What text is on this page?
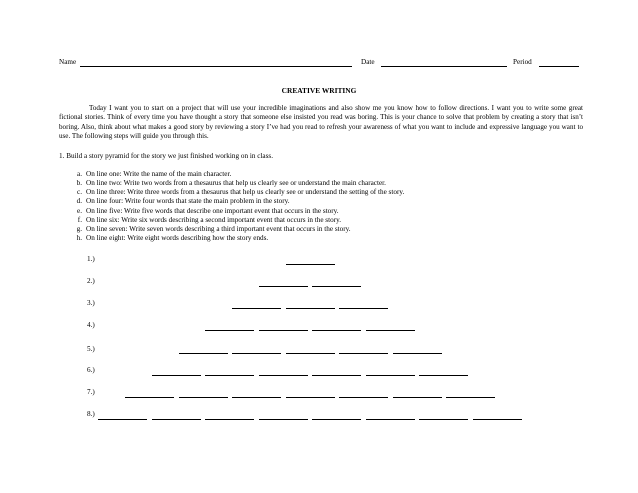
Name	Date	Period
CREATIVE WRITING
Today I want you to start on a project that will use your incredible imaginations and also show me you know how to follow directions. I want you to write some great fictional stories. Think of every time you have thought a story that someone else insisted you read was boring. This is your chance to solve that problem by creating a story that isn’t boring. Also, think about what makes a good story by reviewing a story I’ve had you read to refresh your awareness of what you want to include and expressive language you want to use. The following steps will guide you through this.
1. Build a story pyramid for the story we just finished working on in class.
a. On line one: Write the name of the main character.
b. On line two: Write two words from a thesaurus that help us clearly see or understand the main character.
c. On line three: Write three words from a thesaurus that help us clearly see or understand the setting of the story.
d. On line four: Write four words that state the main problem in the story.
e. On line five: Write five words that describe one important event that occurs in the story.
f. On line six: Write six words describing a second important event that occurs in the story.
g. On line seven: Write seven words describing a third important event that occurs in the story.
h. On line eight: Write eight words describing how the story ends.
1.)
2.)
3.)
4.)
5.)
6.)
7.)
8.)
